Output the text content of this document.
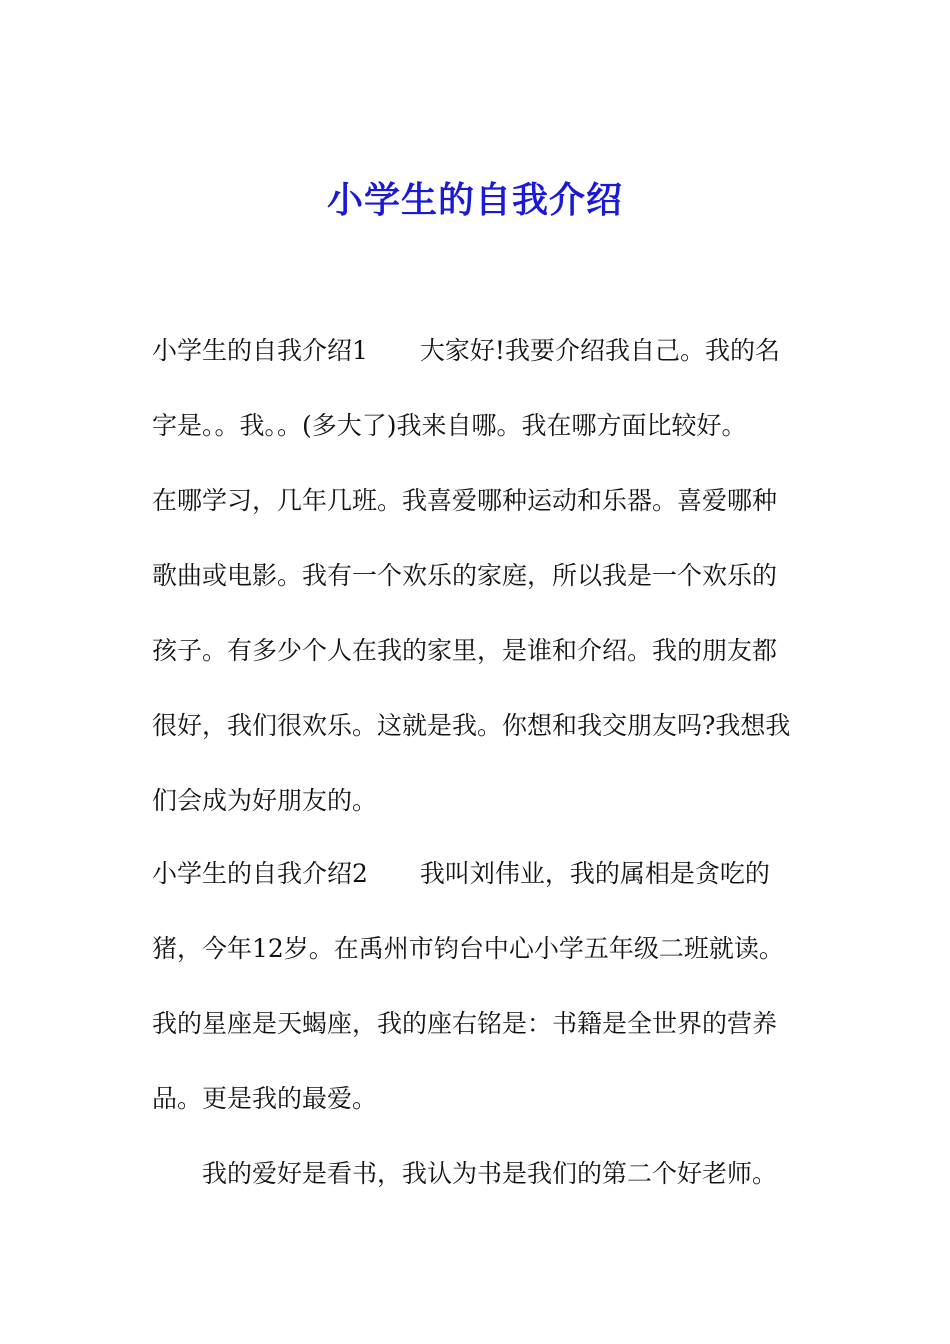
小学生的自我介绍

小学生的自我介绍1 大家好!我要介绍我自己。我的名

字是。。我。。(多大了)我来自哪。我在哪方面比较好。

在哪学习，几年几班。我喜爱哪种运动和乐器。喜爱哪种

歌曲或电影。我有一个欢乐的家庭，所以我是一个欢乐的

孩子。有多少个人在我的家里，是谁和介绍。我的朋友都

很好，我们很欢乐。这就是我。你想和我交朋友吗?我想我

们会成为好朋友的。

小学生的自我介绍2 我叫刘伟业，我的属相是贪吃的

猪，今年12岁。在禹州市钧台中心小学五年级二班就读。

我的星座是天蝎座，我的座右铭是：书籍是全世界的营养

品。更是我的最爱。

我的爱好是看书，我认为书是我们的第二个好老师。
